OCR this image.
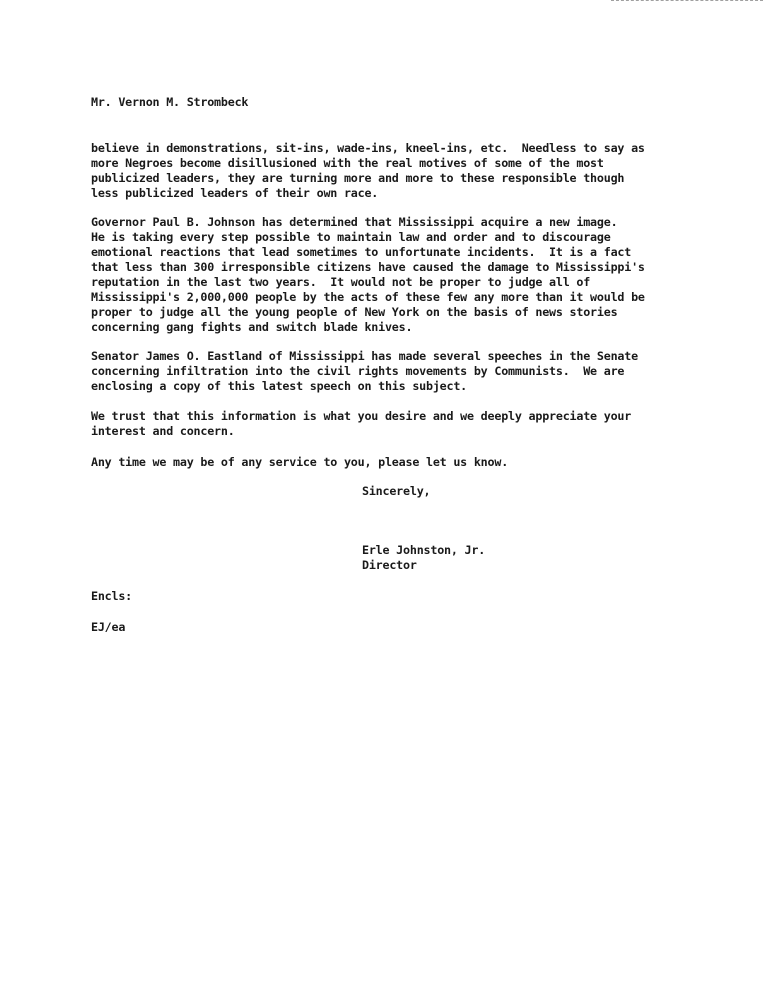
Mr. Vernon M. Strombeck
believe in demonstrations, sit-ins, wade-ins, kneel-ins, etc.  Needless to say as
more Negroes become disillusioned with the real motives of some of the most
publicized leaders, they are turning more and more to these responsible though
less publicized leaders of their own race.
Governor Paul B. Johnson has determined that Mississippi acquire a new image.
He is taking every step possible to maintain law and order and to discourage
emotional reactions that lead sometimes to unfortunate incidents.  It is a fact
that less than 300 irresponsible citizens have caused the damage to Mississippi's
reputation in the last two years.  It would not be proper to judge all of
Mississippi's 2,000,000 people by the acts of these few any more than it would be
proper to judge all the young people of New York on the basis of news stories
concerning gang fights and switch blade knives.
Senator James O. Eastland of Mississippi has made several speeches in the Senate
concerning infiltration into the civil rights movements by Communists.  We are
enclosing a copy of this latest speech on this subject.
We trust that this information is what you desire and we deeply appreciate your
interest and concern.
Any time we may be of any service to you, please let us know.
Sincerely,
Erle Johnston, Jr.
Director
Encls:
EJ/ea
